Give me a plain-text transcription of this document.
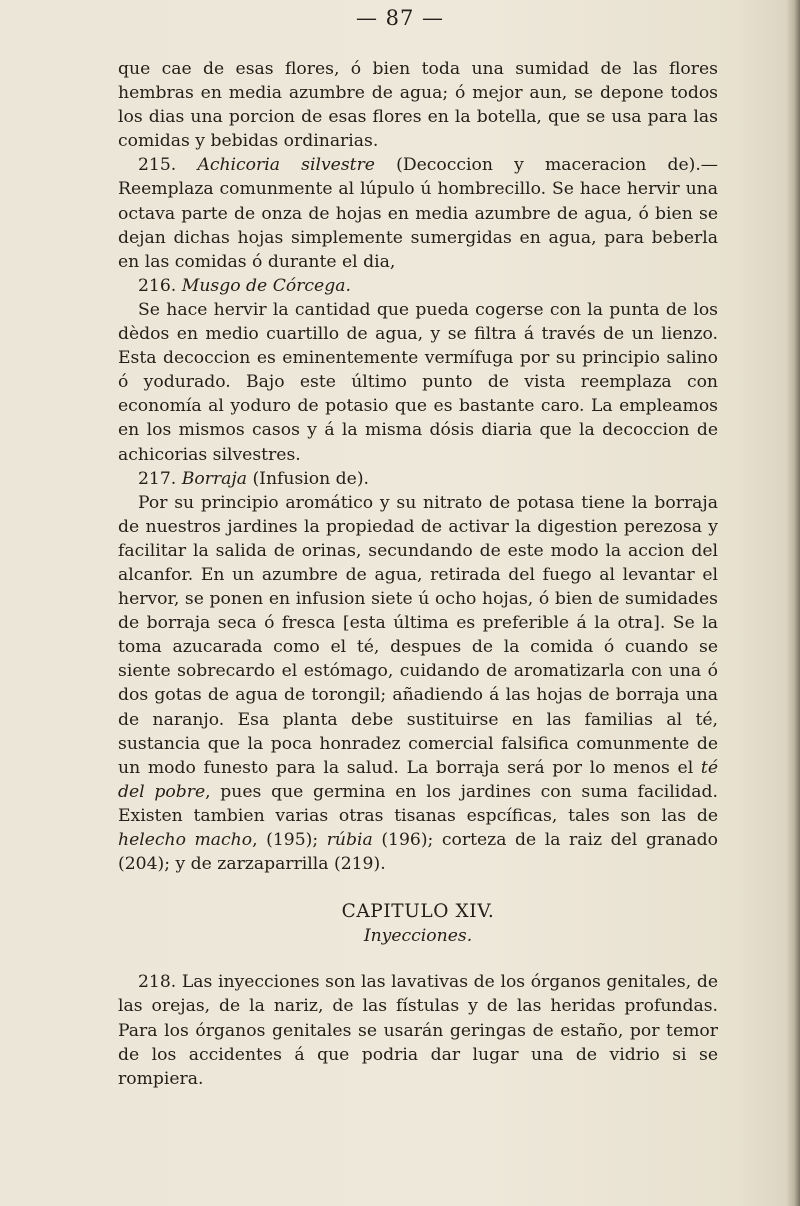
— 87 —

que cae de esas flores, ó bien toda una sumidad de las flores hembras en media azumbre de agua; ó mejor aun, se depone todos los dias una porcion de esas flores en la botella, que se usa para las comidas y bebidas ordinarias.

215. Achicoria silvestre (Decoccion y maceracion de).— Reemplaza comunmente al lúpulo ú hombrecillo. Se hace hervir una octava parte de onza de hojas en media azumbre de agua, ó bien se dejan dichas hojas simplemente sumergidas en agua, para beberla en las comidas ó durante el dia,

216. Musgo de Córcega.

Se hace hervir la cantidad que pueda cogerse con la punta de los dèdos en medio cuartillo de agua, y se filtra á través de un lienzo. Esta decoccion es eminentemente vermífuga por su principio salino ó yodurado. Bajo este último punto de vista reemplaza con economía al yoduro de potasio que es bastante caro. La empleamos en los mismos casos y á la misma dósis diaria que la decoccion de achicorias silvestres.

217. Borraja (Infusion de).

Por su principio aromático y su nitrato de potasa tiene la borraja de nuestros jardines la propiedad de activar la digestion perezosa y facilitar la salida de orinas, secundando de este modo la accion del alcanfor. En un azumbre de agua, retirada del fuego al levantar el hervor, se ponen en infusion siete ú ocho hojas, ó bien de sumidades de borraja seca ó fresca [esta última es preferible á la otra]. Se la toma azucarada como el té, despues de la comida ó cuando se siente sobrecardo el estómago, cuidando de aromatizarla con una ó dos gotas de agua de torongil; añadiendo á las hojas de borraja una de naranjo. Esa planta debe sustituirse en las familias al té, sustancia que la poca honradez comercial falsifica comunmente de un modo funesto para la salud. La borraja será por lo menos el té del pobre, pues que germina en los jardines con suma facilidad. Existen tambien varias otras tisanas espcíficas, tales son las de helecho macho, (195); rúbia (196); corteza de la raiz del granado (204); y de zarzaparrilla (219).

CAPITULO XIV.

Inyecciones.

218. Las inyecciones son las lavativas de los órganos genitales, de las orejas, de la nariz, de las fístulas y de las heridas profundas. Para los órganos genitales se usarán geringas de estaño, por temor de los accidentes á que podria dar lugar una de vidrio si se rompiera.
